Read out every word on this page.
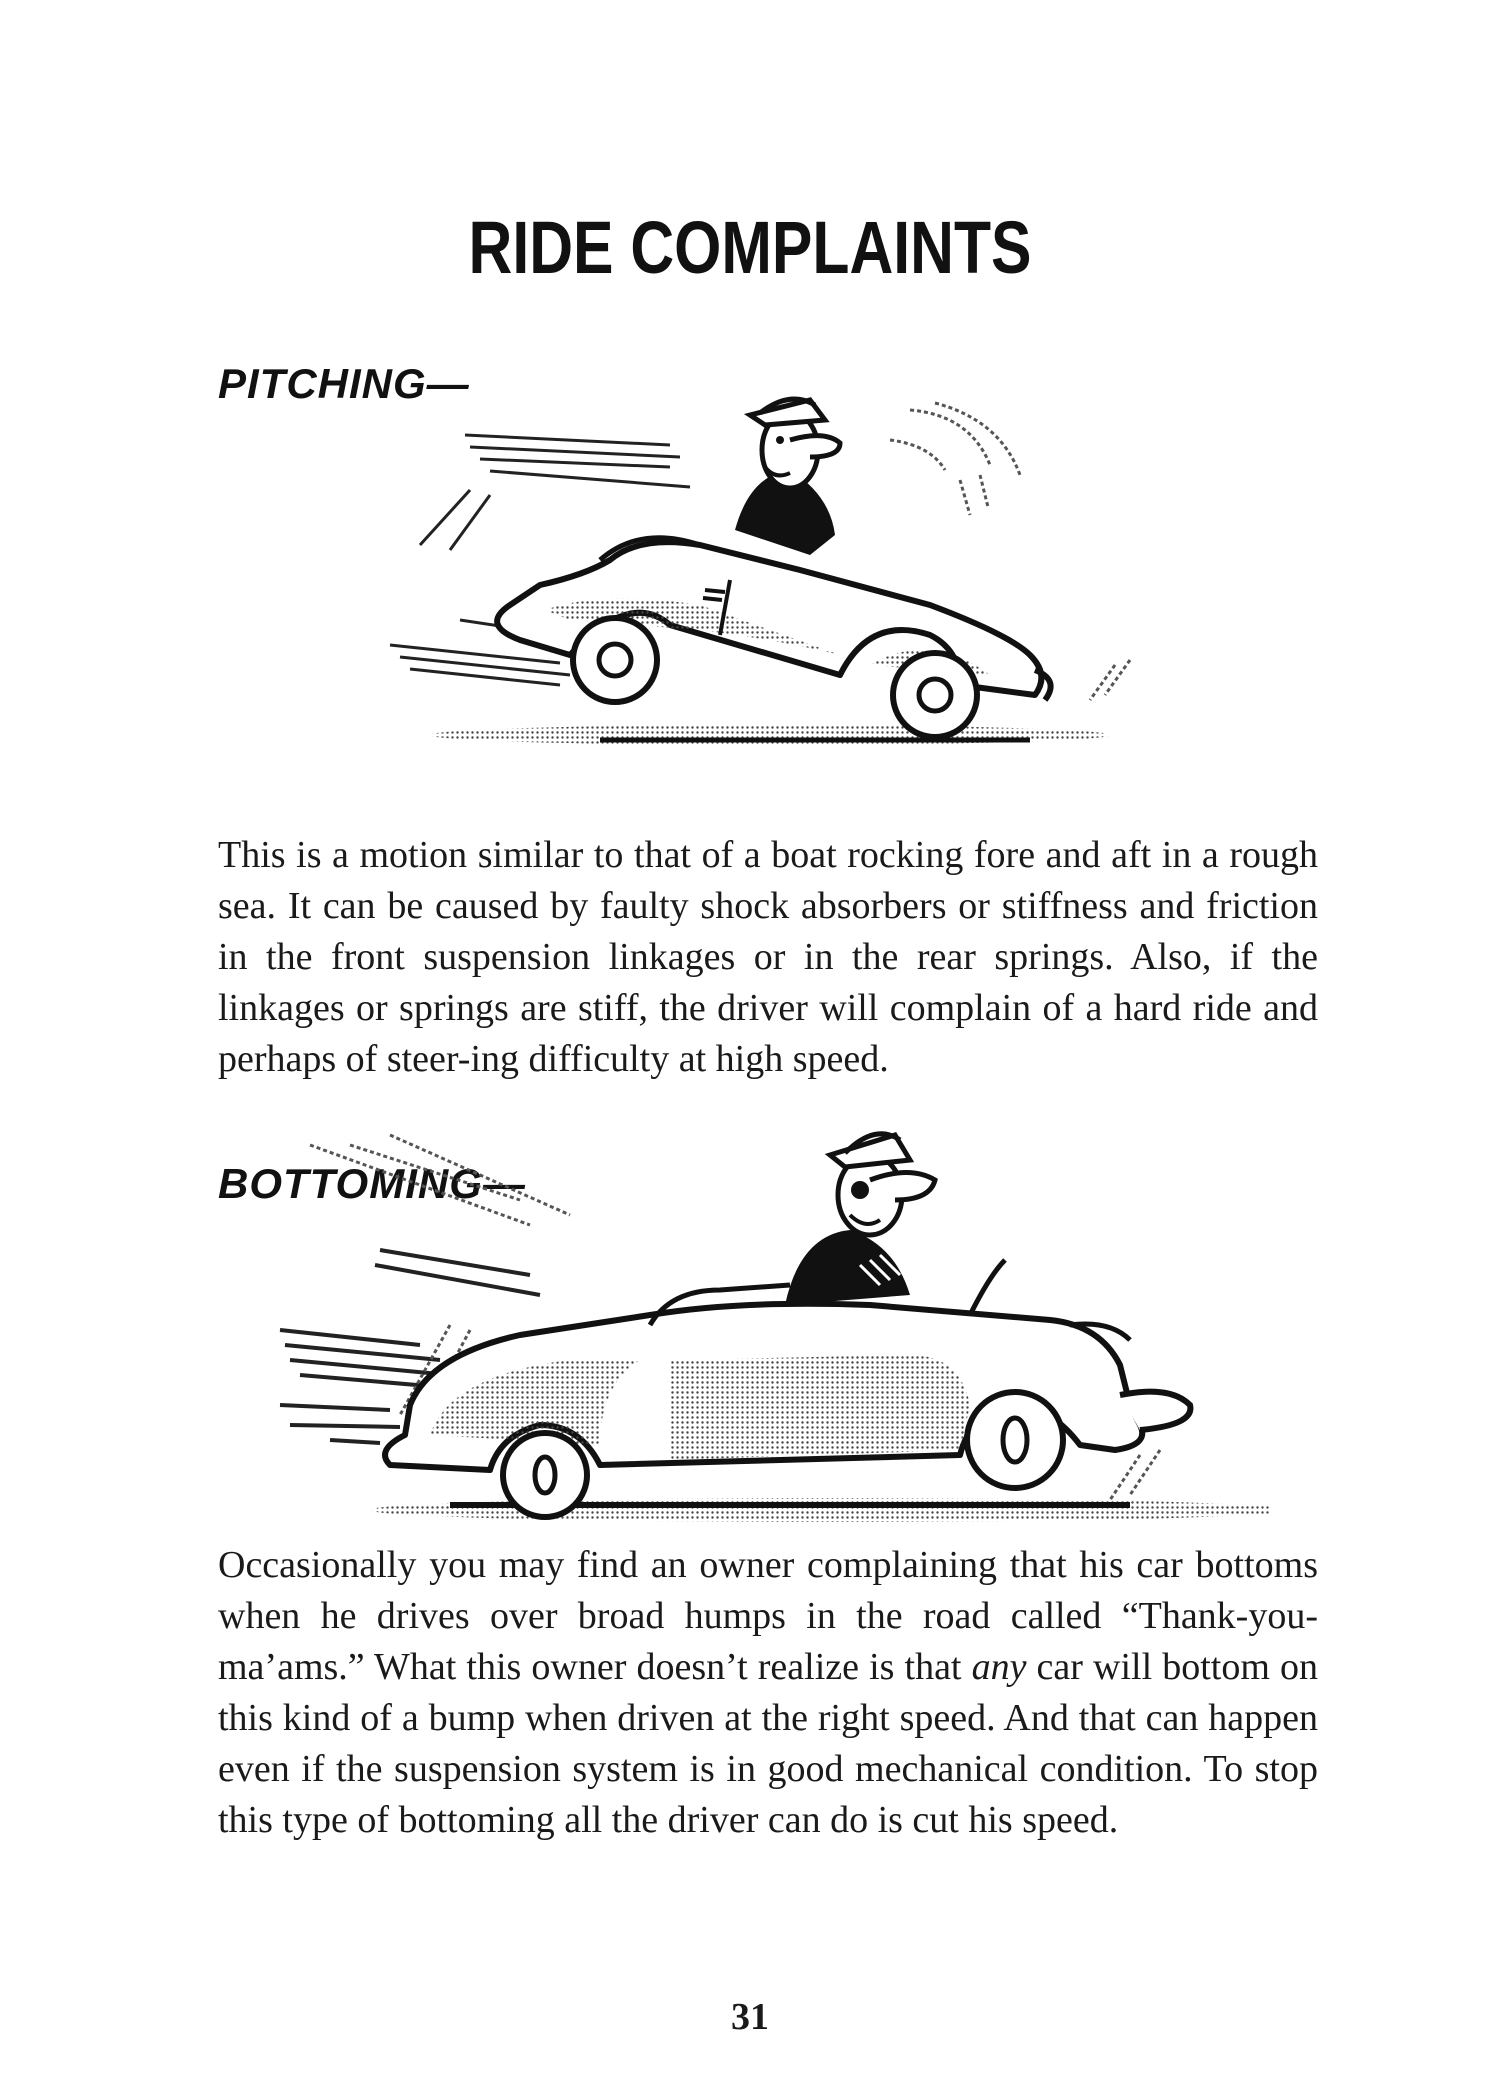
RIDE COMPLAINTS
PITCHING—
This is a motion similar to that of a boat rocking fore and aft in a rough sea. It can be caused by faulty shock absorbers or stiffness and friction in the front suspension linkages or in the rear springs. Also, if the linkages or springs are stiff, the driver will complain of a hard ride and perhaps of steer-ing difficulty at high speed.
BOTTOMING—
Occasionally you may find an owner complaining that his car bottoms when he drives over broad humps in the road called “Thank-you-ma’ams.” What this owner doesn’t realize is that any car will bottom on this kind of a bump when driven at the right speed. And that can happen even if the suspension system is in good mechanical condition. To stop this type of bottoming all the driver can do is cut his speed.
31
